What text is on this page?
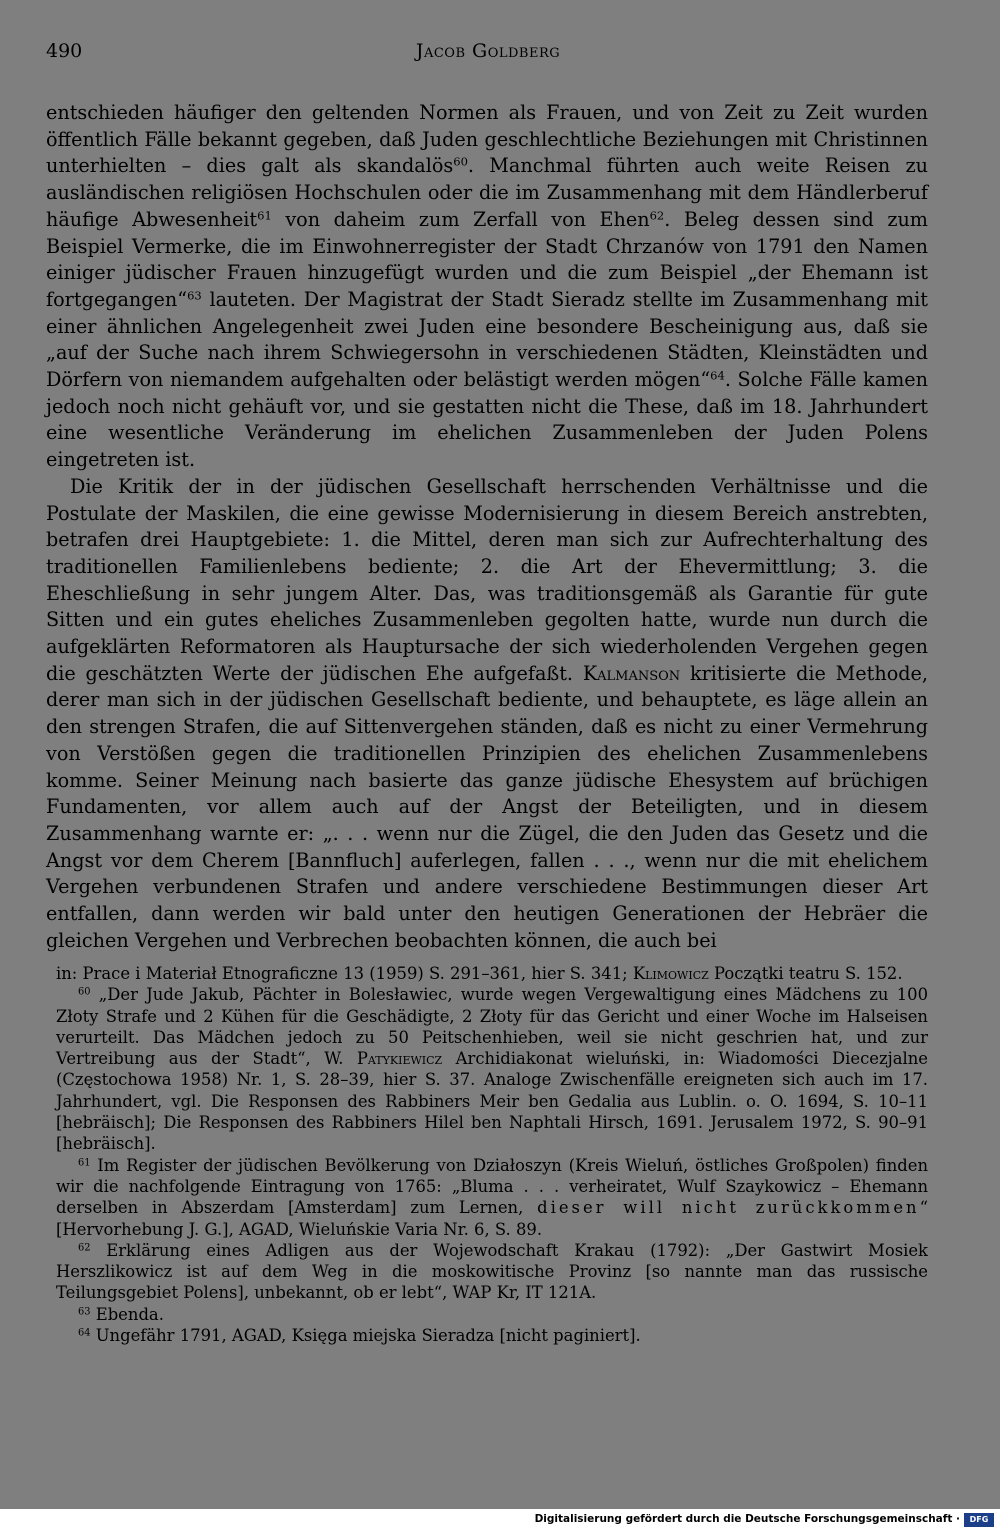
490	Jacob Goldberg

entschieden häufiger den geltenden Normen als Frauen, und von Zeit zu Zeit wurden öffentlich Fälle bekannt gegeben, daß Juden geschlechtliche Beziehungen mit Christinnen unterhielten – dies galt als skandalös$^{60}$. Manchmal führten auch weite Reisen zu ausländischen religiösen Hochschulen oder die im Zusammenhang mit dem Händlerberuf häufige Abwesenheit$^{61}$ von daheim zum Zerfall von Ehen$^{62}$. Beleg dessen sind zum Beispiel Vermerke, die im Einwohnerregister der Stadt Chrzanów von 1791 den Namen einiger jüdischer Frauen hinzugefügt wurden und die zum Beispiel „der Ehemann ist fortgegangen“$^{63}$ lauteten. Der Magistrat der Stadt Sieradz stellte im Zusammenhang mit einer ähnlichen Angelegenheit zwei Juden eine besondere Bescheinigung aus, daß sie „auf der Suche nach ihrem Schwiegersohn in verschiedenen Städten, Kleinstädten und Dörfern von niemandem aufgehalten oder belästigt werden mögen“$^{64}$. Solche Fälle kamen jedoch noch nicht gehäuft vor, und sie gestatten nicht die These, daß im 18. Jahrhundert eine wesentliche Veränderung im ehelichen Zusammenleben der Juden Polens eingetreten ist.

Die Kritik der in der jüdischen Gesellschaft herrschenden Verhältnisse und die Postulate der Maskilen, die eine gewisse Modernisierung in diesem Bereich anstrebten, betrafen drei Hauptgebiete: 1. die Mittel, deren man sich zur Aufrechterhaltung des traditionellen Familienlebens bediente; 2. die Art der Ehevermittlung; 3. die Eheschließung in sehr jungem Alter. Das, was traditionsgemäß als Garantie für gute Sitten und ein gutes eheliches Zusammenleben gegolten hatte, wurde nun durch die aufgeklärten Reformatoren als Hauptursache der sich wiederholenden Vergehen gegen die geschätzten Werte der jüdischen Ehe aufgefaßt. Kalmanson kritisierte die Methode, derer man sich in der jüdischen Gesellschaft bediente, und behauptete, es läge allein an den strengen Strafen, die auf Sittenvergehen ständen, daß es nicht zu einer Vermehrung von Verstößen gegen die traditionellen Prinzipien des ehelichen Zusammenlebens komme. Seiner Meinung nach basierte das ganze jüdische Ehesystem auf brüchigen Fundamenten, vor allem auch auf der Angst der Beteiligten, und in diesem Zusammenhang warnte er: „. . . wenn nur die Zügel, die den Juden das Gesetz und die Angst vor dem Cherem [Bannfluch] auferlegen, fallen . . ., wenn nur die mit ehelichem Vergehen verbundenen Strafen und andere verschiedene Bestimmungen dieser Art entfallen, dann werden wir bald unter den heutigen Generationen der Hebräer die gleichen Vergehen und Verbrechen beobachten können, die auch bei

in: Prace i Materiał Etnograficzne 13 (1959) S. 291–361, hier S. 341; Klimowicz Początki teatru S. 152.

$^{60}$ „Der Jude Jakub, Pächter in Bolesławiec, wurde wegen Vergewaltigung eines Mädchens zu 100 Złoty Strafe und 2 Kühen für die Geschädigte, 2 Złoty für das Gericht und einer Woche im Halseisen verurteilt. Das Mädchen jedoch zu 50 Peitschenhieben, weil sie nicht geschrien hat, und zur Vertreibung aus der Stadt“, W. Patykiewicz Archidiakonat wieluński, in: Wiadomości Diecezjalne (Częstochowa 1958) Nr. 1, S. 28–39, hier S. 37. Analoge Zwischenfälle ereigneten sich auch im 17. Jahrhundert, vgl. Die Responsen des Rabbiners Meir ben Gedalia aus Lublin. o. O. 1694, S. 10–11 [hebräisch]; Die Responsen des Rabbiners Hilel ben Naphtali Hirsch, 1691. Jerusalem 1972, S. 90–91 [hebräisch].

$^{61}$ Im Register der jüdischen Bevölkerung von Działoszyn (Kreis Wieluń, östliches Großpolen) finden wir die nachfolgende Eintragung von 1765: „Bluma . . . verheiratet, Wulf Szaykowicz – Ehemann derselben in Abszerdam [Amsterdam] zum Lernen, dieser will nicht zurückkommen“ [Hervorhebung J. G.], AGAD, Wieluńskie Varia Nr. 6, S. 89.

$^{62}$ Erklärung eines Adligen aus der Wojewodschaft Krakau (1792): „Der Gastwirt Mosiek Herszlikowicz ist auf dem Weg in die moskowitische Provinz [so nannte man das russische Teilungsgebiet Polens], unbekannt, ob er lebt“, WAP Kr, IT 121A.

$^{63}$ Ebenda.

$^{64}$ Ungefähr 1791, AGAD, Księga miejska Sieradza [nicht paginiert].

Digitalisierung gefördert durch die Deutsche Forschungsgemeinschaft ·	DFG
